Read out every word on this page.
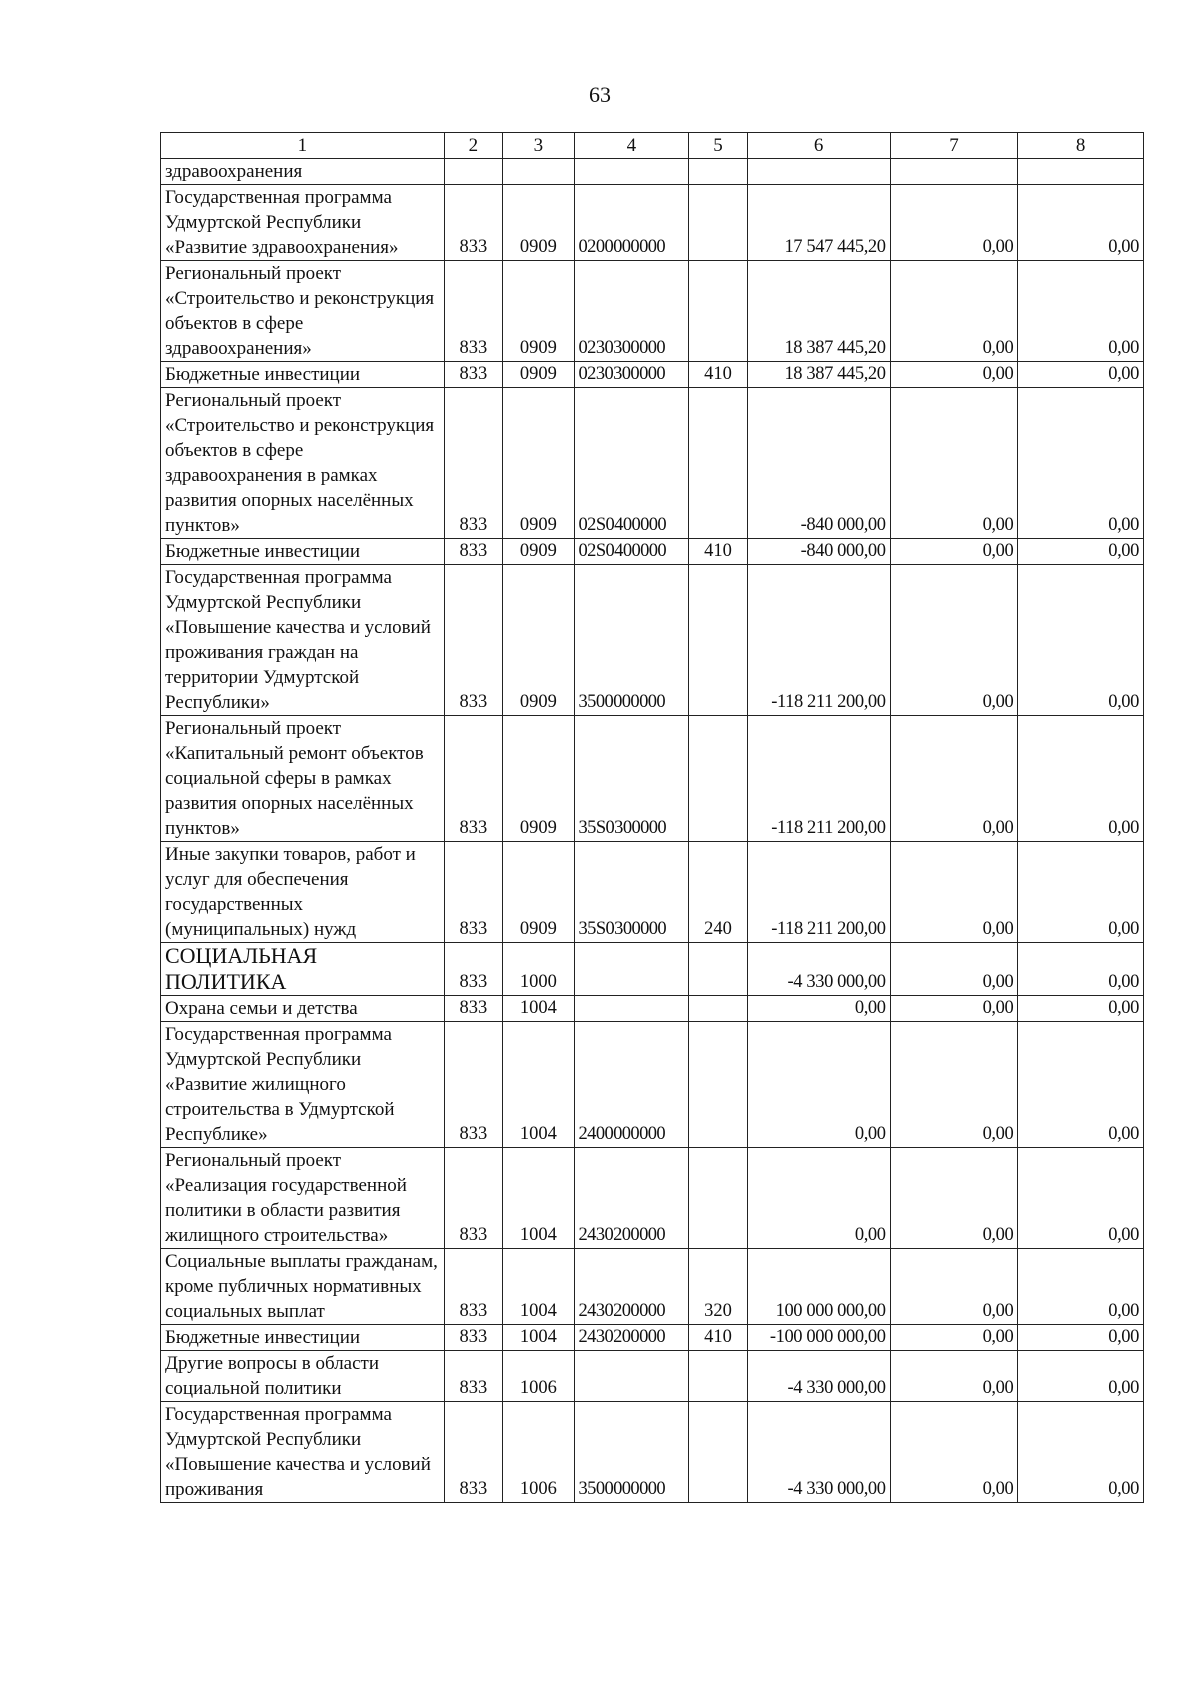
63
1	2	3	4	5	6	7	8
здравоохранения							
Государственная программа Удмуртской Республики «Развитие здравоохранения»	833	0909	0200000000		17 547 445,20	0,00	0,00
Региональный проект «Строительство и реконструкция объектов в сфере здравоохранения»	833	0909	0230300000		18 387 445,20	0,00	0,00
Бюджетные инвестиции	833	0909	0230300000	410	18 387 445,20	0,00	0,00
Региональный проект «Строительство и реконструкция объектов в сфере здравоохранения в рамках развития опорных населённых пунктов»	833	0909	02S0400000		-840 000,00	0,00	0,00
Бюджетные инвестиции	833	0909	02S0400000	410	-840 000,00	0,00	0,00
Государственная программа Удмуртской Республики «Повышение качества и условий проживания граждан на территории Удмуртской Республики»	833	0909	3500000000		-118 211 200,00	0,00	0,00
Региональный проект «Капитальный ремонт объектов социальной сферы в рамках развития опорных населённых пунктов»	833	0909	35S0300000		-118 211 200,00	0,00	0,00
Иные закупки товаров, работ и услуг для обеспечения государственных (муниципальных) нужд	833	0909	35S0300000	240	-118 211 200,00	0,00	0,00
СОЦИАЛЬНАЯ ПОЛИТИКА	833	1000			-4 330 000,00	0,00	0,00
Охрана семьи и детства	833	1004			0,00	0,00	0,00
Государственная программа Удмуртской Республики «Развитие жилищного строительства в Удмуртской Республике»	833	1004	2400000000		0,00	0,00	0,00
Региональный проект «Реализация государственной политики в области развития жилищного строительства»	833	1004	2430200000		0,00	0,00	0,00
Социальные выплаты гражданам, кроме публичных нормативных социальных выплат	833	1004	2430200000	320	100 000 000,00	0,00	0,00
Бюджетные инвестиции	833	1004	2430200000	410	-100 000 000,00	0,00	0,00
Другие вопросы в области социальной политики	833	1006			-4 330 000,00	0,00	0,00
Государственная программа Удмуртской Республики «Повышение качества и условий проживания	833	1006	3500000000		-4 330 000,00	0,00	0,00
